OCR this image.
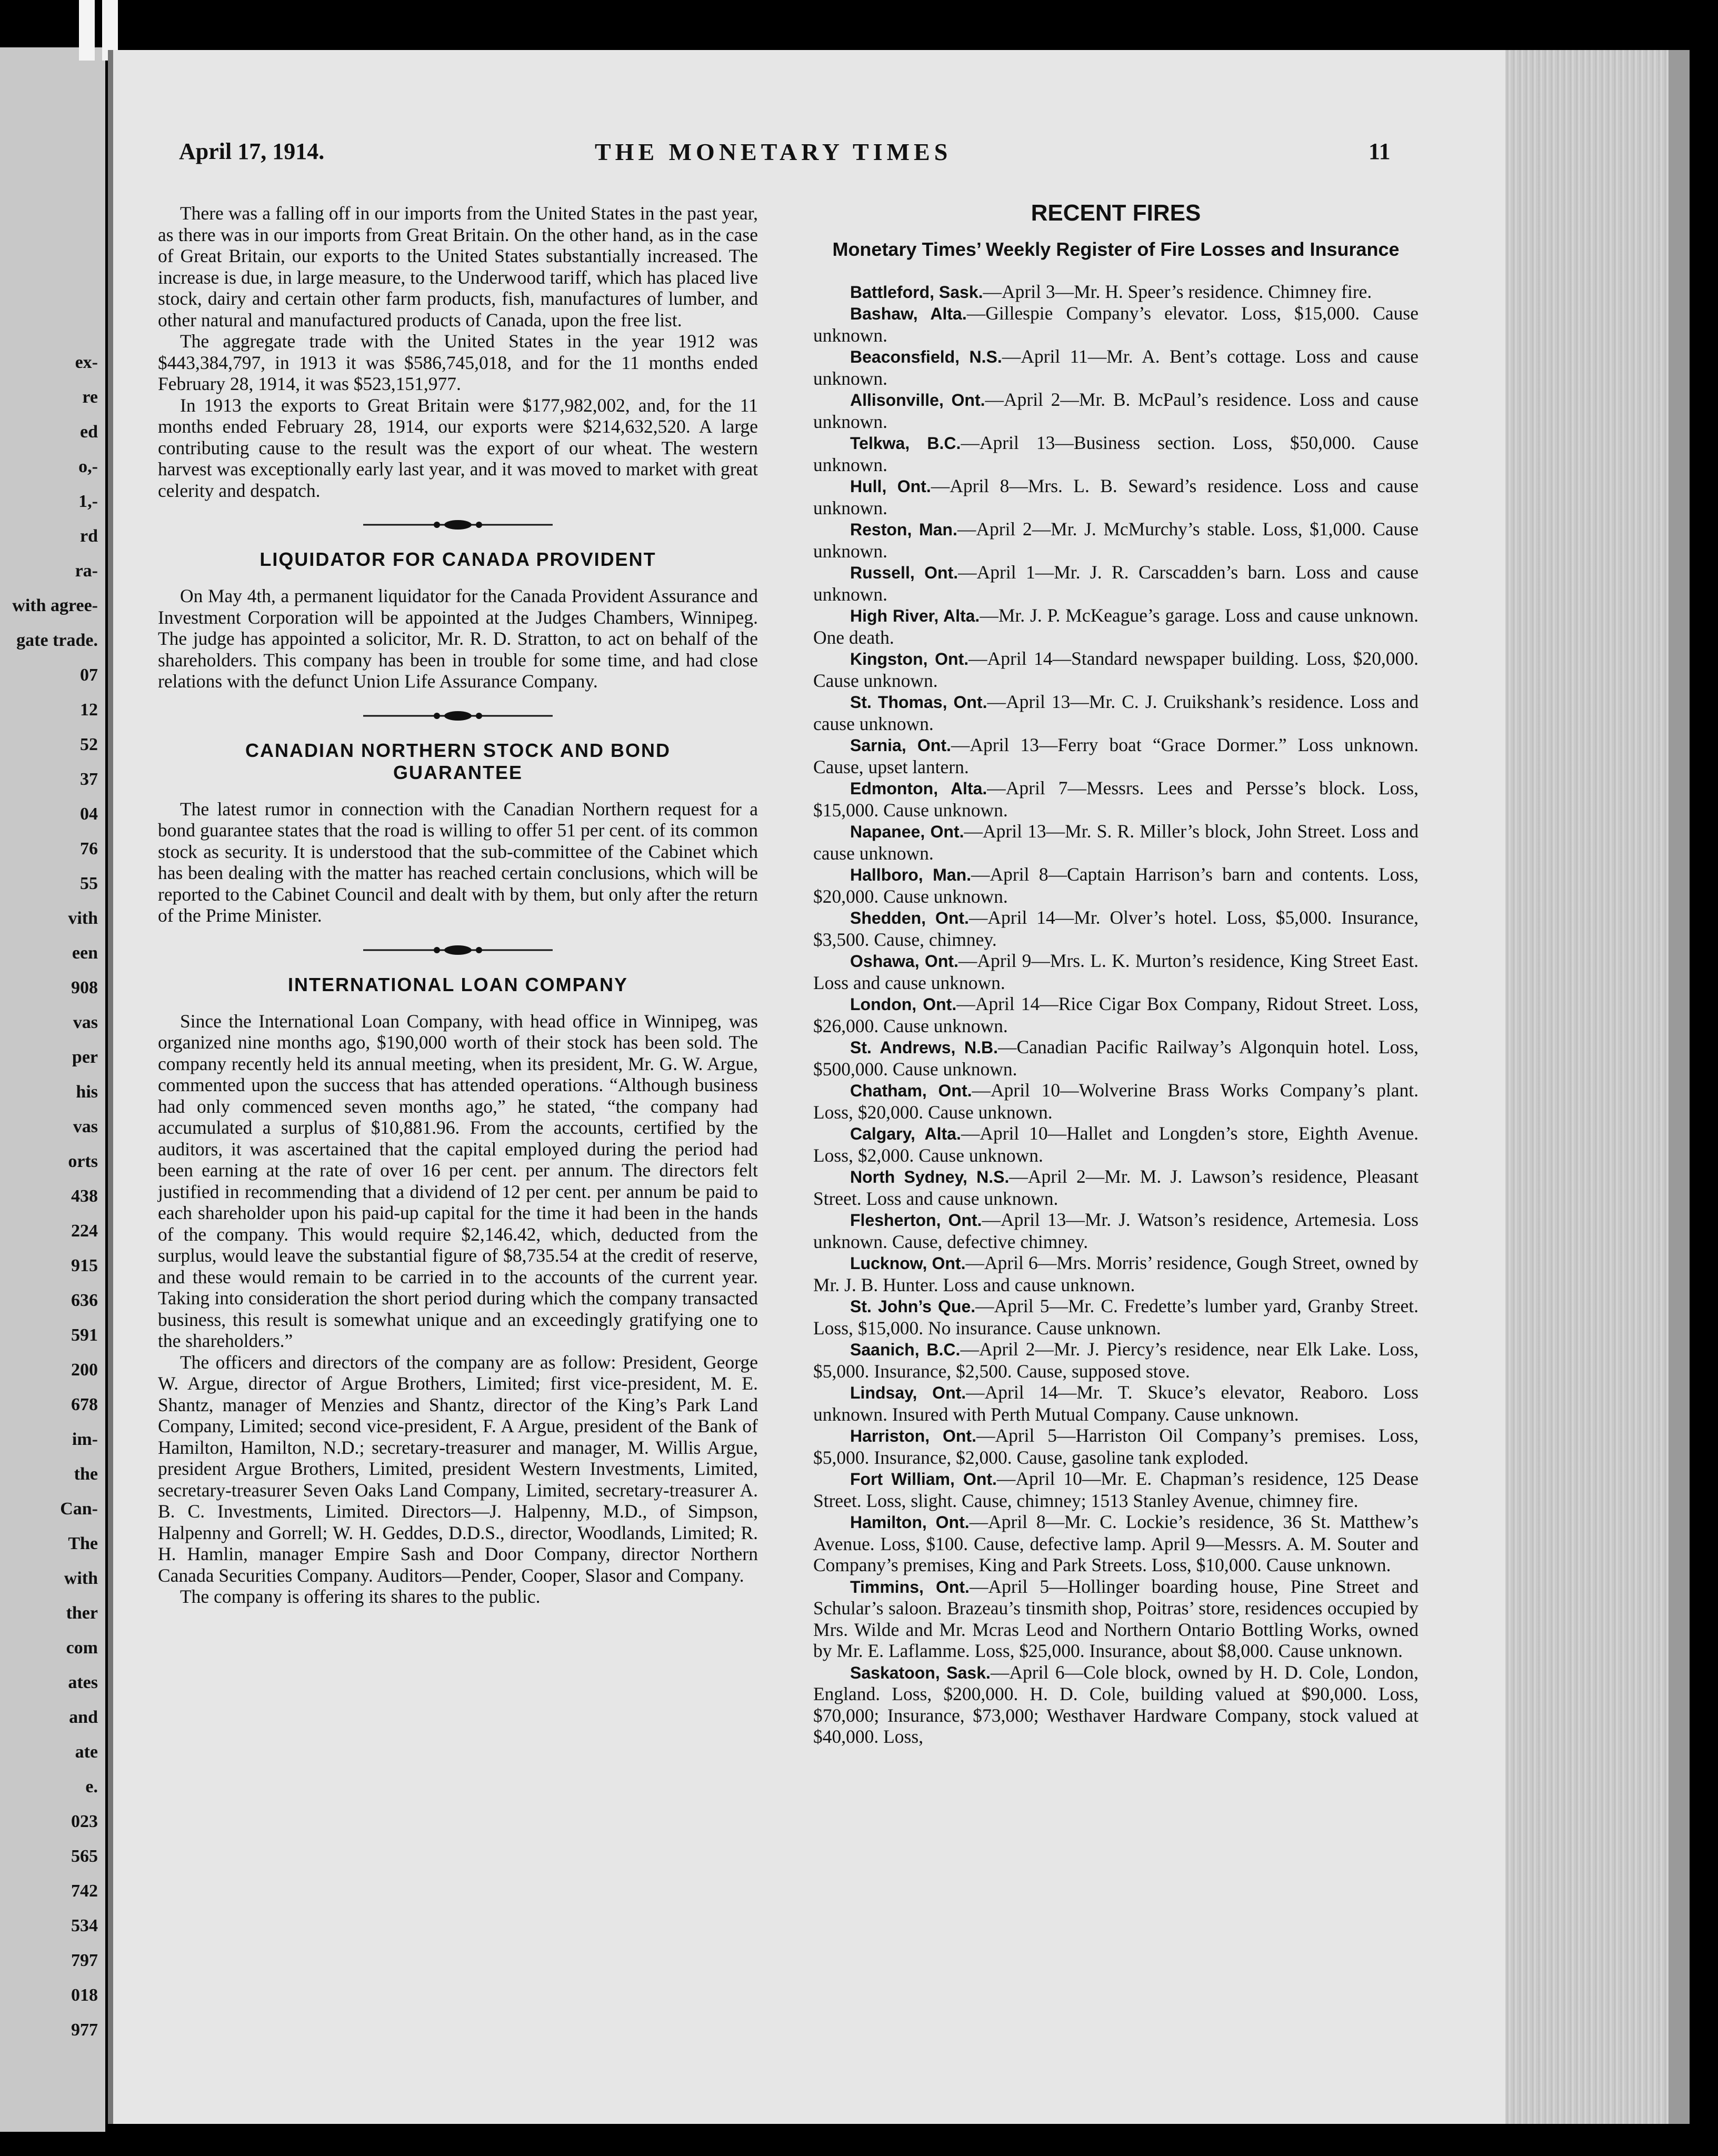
ex-
re
ed
o,-
1,-
rd
ra-
with agree-
gate trade.
07
12
52
37
04
76
55
vith
een
908
vas
per
his
vas
orts
438
224
915
636
591
200
678
im-
the
Can-
The
with
ther
com
ates
and
ate
e.
023
565
742
534
797
018
977
April 17, 1914.	THE MONETARY TIMES	11

There was a falling off in our imports from the United States in the past year, as there was in our imports from Great Britain. On the other hand, as in the case of Great Britain, our exports to the United States substantially increased. The increase is due, in large measure, to the Underwood tariff, which has placed live stock, dairy and certain other farm products, fish, manufactures of lumber, and other natural and manufactured products of Canada, upon the free list.

The aggregate trade with the United States in the year 1912 was $443,384,797, in 1913 it was $586,745,018, and for the 11 months ended February 28, 1914, it was $523,151,977.

In 1913 the exports to Great Britain were $177,982,002, and, for the 11 months ended February 28, 1914, our exports were $214,632,520. A large contributing cause to the result was the export of our wheat. The western harvest was exceptionally early last year, and it was moved to market with great celerity and despatch.

LIQUIDATOR FOR CANADA PROVIDENT

On May 4th, a permanent liquidator for the Canada Provident Assurance and Investment Corporation will be appointed at the Judges Chambers, Winnipeg. The judge has appointed a solicitor, Mr. R. D. Stratton, to act on behalf of the shareholders. This company has been in trouble for some time, and had close relations with the defunct Union Life Assurance Company.

CANADIAN NORTHERN STOCK AND BOND GUARANTEE

The latest rumor in connection with the Canadian Northern request for a bond guarantee states that the road is willing to offer 51 per cent. of its common stock as security. It is understood that the sub-committee of the Cabinet which has been dealing with the matter has reached certain conclusions, which will be reported to the Cabinet Council and dealt with by them, but only after the return of the Prime Minister.

INTERNATIONAL LOAN COMPANY

Since the International Loan Company, with head office in Winnipeg, was organized nine months ago, $190,000 worth of their stock has been sold. The company recently held its annual meeting, when its president, Mr. G. W. Argue, commented upon the success that has attended operations. “Although business had only commenced seven months ago,” he stated, “the company had accumulated a surplus of $10,881.96. From the accounts, certified by the auditors, it was ascertained that the capital employed during the period had been earning at the rate of over 16 per cent. per annum. The directors felt justified in recommending that a dividend of 12 per cent. per annum be paid to each shareholder upon his paid-up capital for the time it had been in the hands of the company. This would require $2,146.42, which, deducted from the surplus, would leave the substantial figure of $8,735.54 at the credit of reserve, and these would remain to be carried in to the accounts of the current year. Taking into consideration the short period during which the company transacted business, this result is somewhat unique and an exceedingly gratifying one to the shareholders.”

The officers and directors of the company are as follow: President, George W. Argue, director of Argue Brothers, Limited; first vice-president, M. E. Shantz, manager of Menzies and Shantz, director of the King’s Park Land Company, Limited; second vice-president, F. A Argue, president of the Bank of Hamilton, Hamilton, N.D.; secretary-treasurer and manager, M. Willis Argue, president Argue Brothers, Limited, president Western Investments, Limited, secretary-treasurer Seven Oaks Land Company, Limited, secretary-treasurer A. B. C. Investments, Limited. Directors—J. Halpenny, M.D., of Simpson, Halpenny and Gorrell; W. H. Geddes, D.D.S., director, Woodlands, Limited; R. H. Hamlin, manager Empire Sash and Door Company, director Northern Canada Securities Company. Auditors—Pender, Cooper, Slasor and Company.

The company is offering its shares to the public.

RECENT FIRES
Monetary Times’ Weekly Register of Fire Losses and Insurance

Battleford, Sask.—April 3—Mr. H. Speer’s residence. Chimney fire.

Bashaw, Alta.—Gillespie Company’s elevator. Loss, $15,000. Cause unknown.

Beaconsfield, N.S.—April 11—Mr. A. Bent’s cottage. Loss and cause unknown.

Allisonville, Ont.—April 2—Mr. B. McPaul’s residence. Loss and cause unknown.

Telkwa, B.C.—April 13—Business section. Loss, $50,000. Cause unknown.

Hull, Ont.—April 8—Mrs. L. B. Seward’s residence. Loss and cause unknown.

Reston, Man.—April 2—Mr. J. McMurchy’s stable. Loss, $1,000. Cause unknown.

Russell, Ont.—April 1—Mr. J. R. Carscadden’s barn. Loss and cause unknown.

High River, Alta.—Mr. J. P. McKeague’s garage. Loss and cause unknown. One death.

Kingston, Ont.—April 14—Standard newspaper building. Loss, $20,000. Cause unknown.

St. Thomas, Ont.—April 13—Mr. C. J. Cruikshank’s residence. Loss and cause unknown.

Sarnia, Ont.—April 13—Ferry boat “Grace Dormer.” Loss unknown. Cause, upset lantern.

Edmonton, Alta.—April 7—Messrs. Lees and Persse’s block. Loss, $15,000. Cause unknown.

Napanee, Ont.—April 13—Mr. S. R. Miller’s block, John Street. Loss and cause unknown.

Hallboro, Man.—April 8—Captain Harrison’s barn and contents. Loss, $20,000. Cause unknown.

Shedden, Ont.—April 14—Mr. Olver’s hotel. Loss, $5,000. Insurance, $3,500. Cause, chimney.

Oshawa, Ont.—April 9—Mrs. L. K. Murton’s residence, King Street East. Loss and cause unknown.

London, Ont.—April 14—Rice Cigar Box Company, Ridout Street. Loss, $26,000. Cause unknown.

St. Andrews, N.B.—Canadian Pacific Railway’s Algonquin hotel. Loss, $500,000. Cause unknown.

Chatham, Ont.—April 10—Wolverine Brass Works Company’s plant. Loss, $20,000. Cause unknown.

Calgary, Alta.—April 10—Hallet and Longden’s store, Eighth Avenue. Loss, $2,000. Cause unknown.

North Sydney, N.S.—April 2—Mr. M. J. Lawson’s residence, Pleasant Street. Loss and cause unknown.

Flesherton, Ont.—April 13—Mr. J. Watson’s residence, Artemesia. Loss unknown. Cause, defective chimney.

Lucknow, Ont.—April 6—Mrs. Morris’ residence, Gough Street, owned by Mr. J. B. Hunter. Loss and cause unknown.

St. John’s Que.—April 5—Mr. C. Fredette’s lumber yard, Granby Street. Loss, $15,000. No insurance. Cause unknown.

Saanich, B.C.—April 2—Mr. J. Piercy’s residence, near Elk Lake. Loss, $5,000. Insurance, $2,500. Cause, supposed stove.

Lindsay, Ont.—April 14—Mr. T. Skuce’s elevator, Reaboro. Loss unknown. Insured with Perth Mutual Company. Cause unknown.

Harriston, Ont.—April 5—Harriston Oil Company’s premises. Loss, $5,000. Insurance, $2,000. Cause, gasoline tank exploded.

Fort William, Ont.—April 10—Mr. E. Chapman’s residence, 125 Dease Street. Loss, slight. Cause, chimney; 1513 Stanley Avenue, chimney fire.

Hamilton, Ont.—April 8—Mr. C. Lockie’s residence, 36 St. Matthew’s Avenue. Loss, $100. Cause, defective lamp. April 9—Messrs. A. M. Souter and Company’s premises, King and Park Streets. Loss, $10,000. Cause unknown.

Timmins, Ont.—April 5—Hollinger boarding house, Pine Street and Schular’s saloon. Brazeau’s tinsmith shop, Poitras’ store, residences occupied by Mrs. Wilde and Mr. Mcras Leod and Northern Ontario Bottling Works, owned by Mr. E. Laflamme. Loss, $25,000. Insurance, about $8,000. Cause unknown.

Saskatoon, Sask.—April 6—Cole block, owned by H. D. Cole, London, England. Loss, $200,000. H. D. Cole, building valued at $90,000. Loss, $70,000; Insurance, $73,000; Westhaver Hardware Company, stock valued at $40,000. Loss,
